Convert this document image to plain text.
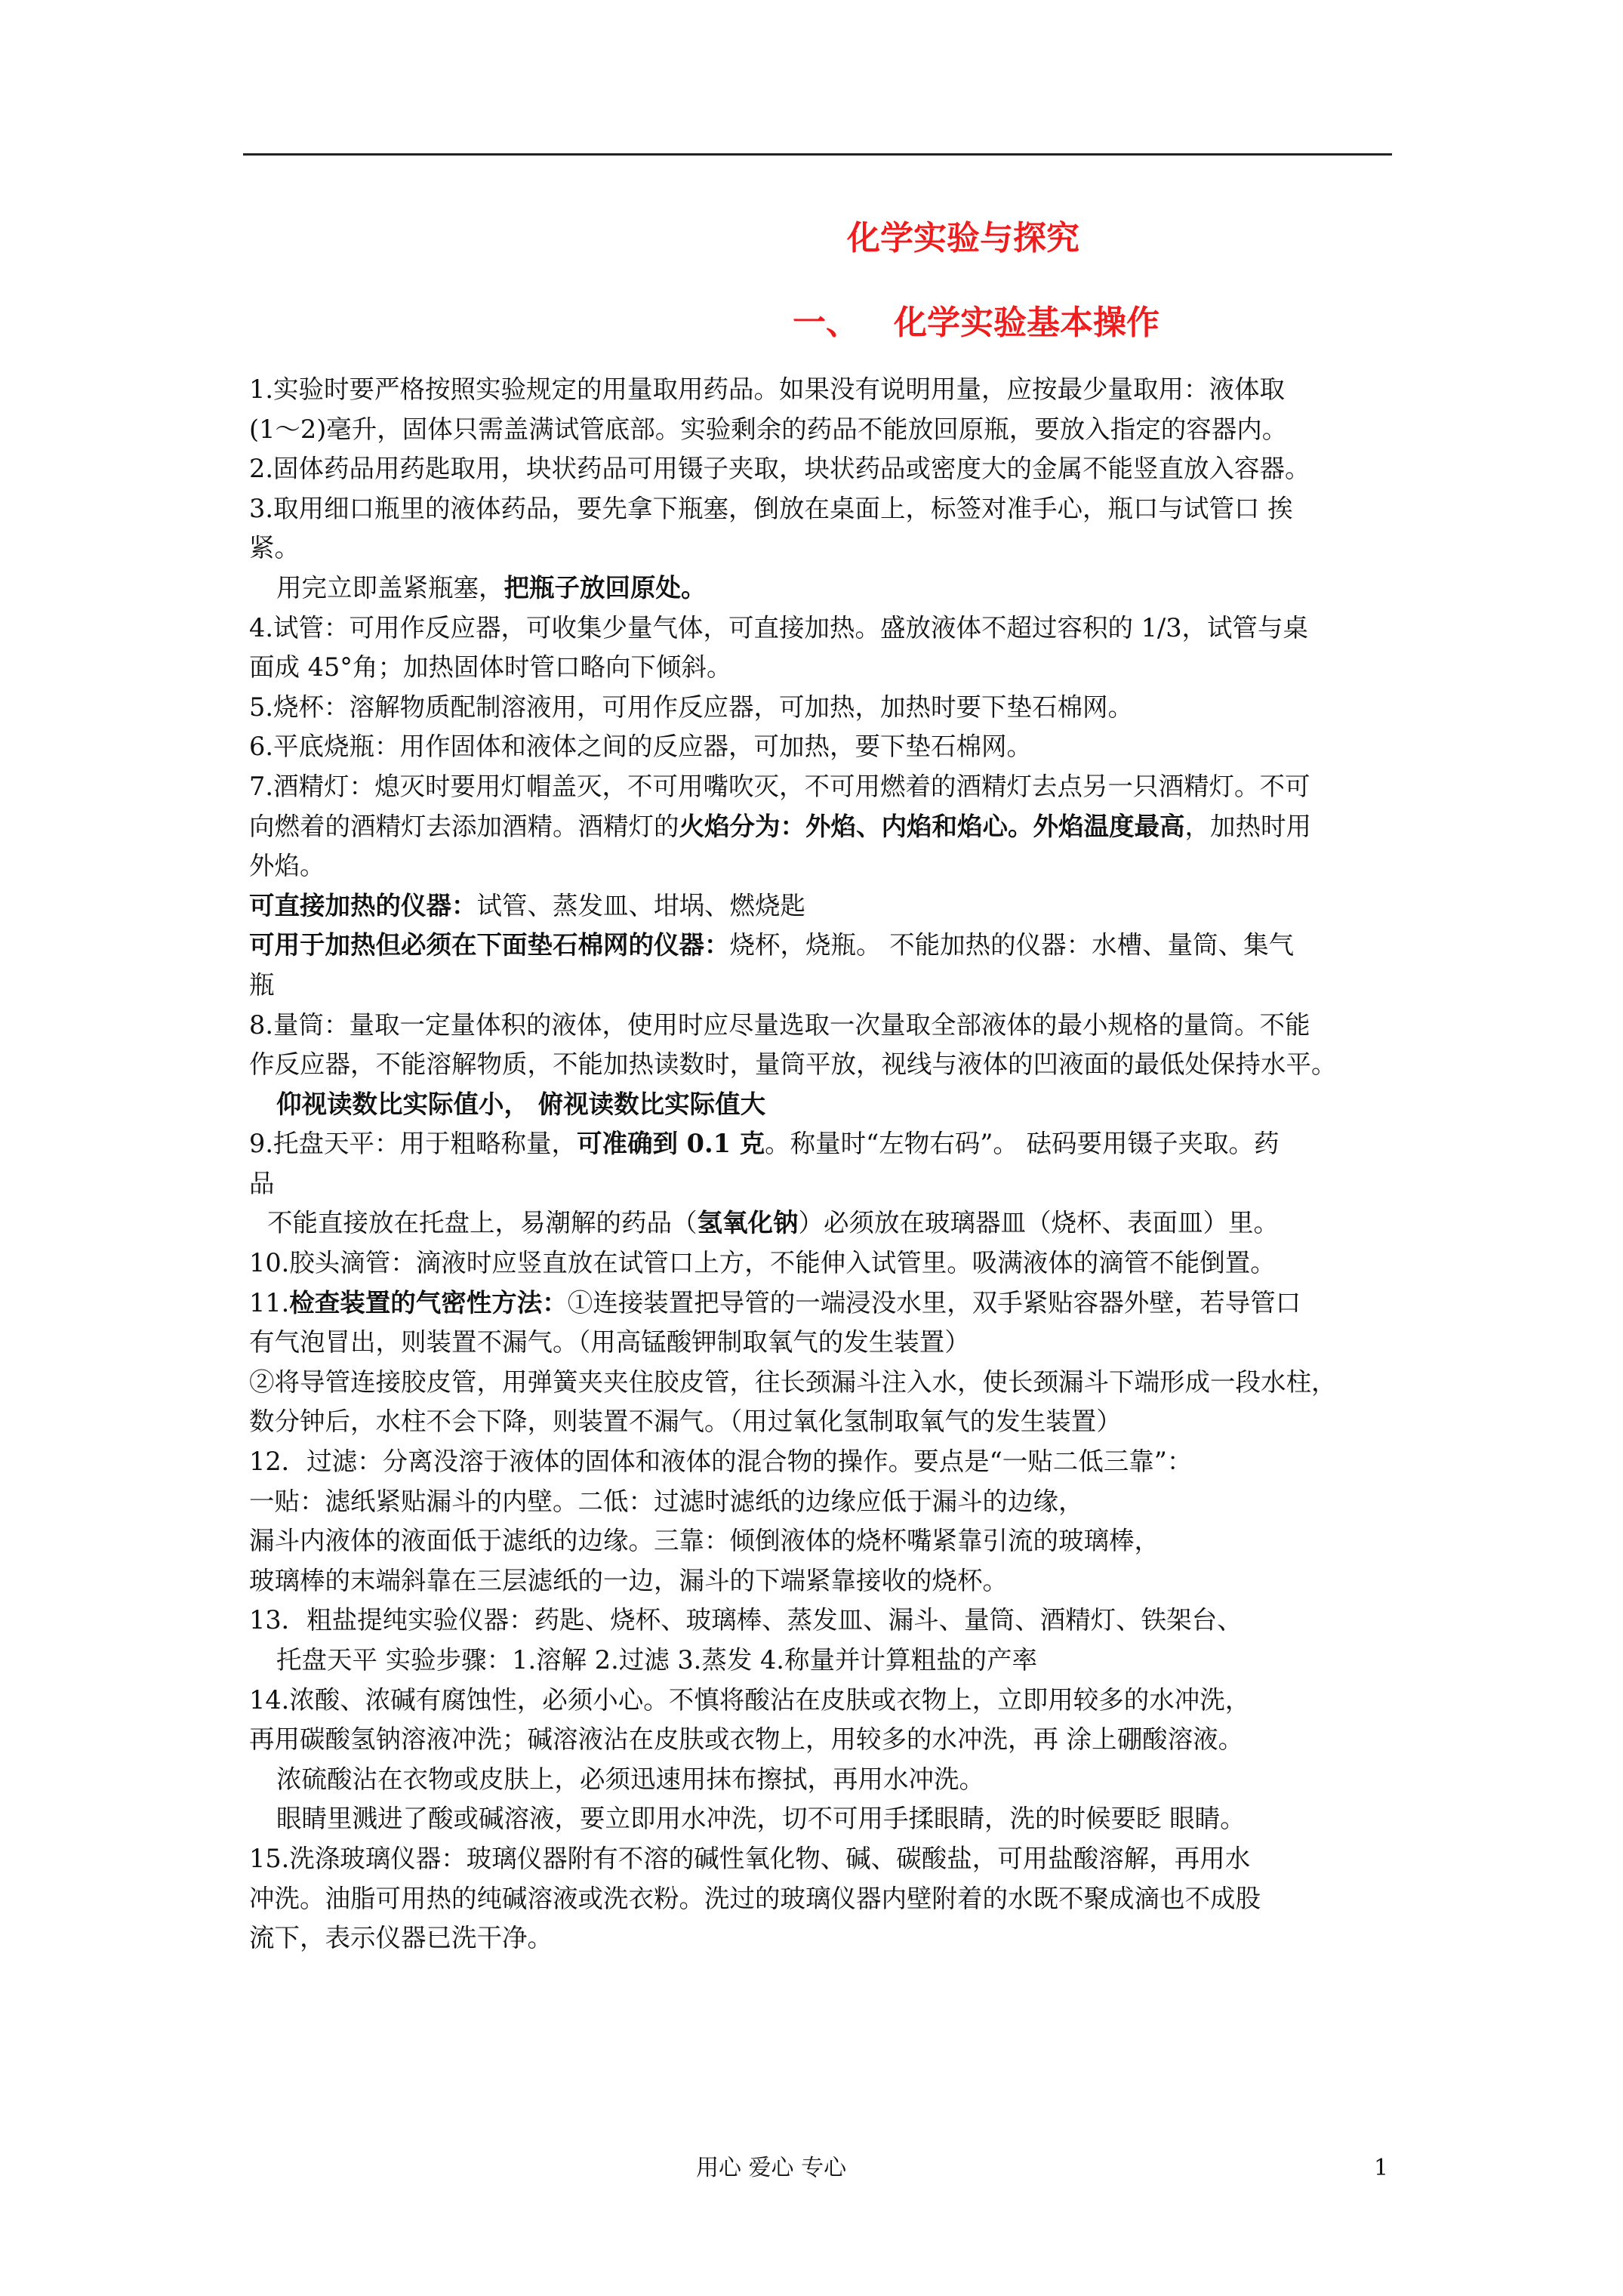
化学实验与探究
一、 化学实验基本操作
1.实验时要严格按照实验规定的用量取用药品。如果没有说明用量，应按最少量取用：液体取
(1～2)毫升，固体只需盖满试管底部。实验剩余的药品不能放回原瓶，要放入指定的容器内。
2.固体药品用药匙取用，块状药品可用镊子夹取，块状药品或密度大的金属不能竖直放入容器。
3.取用细口瓶里的液体药品，要先拿下瓶塞，倒放在桌面上，标签对准手心，瓶口与试管口 挨
紧。
用完立即盖紧瓶塞，把瓶子放回原处。
4.试管：可用作反应器，可收集少量气体，可直接加热。盛放液体不超过容积的 1/3，试管与桌
面成 45°角；加热固体时管口略向下倾斜。
5.烧杯：溶解物质配制溶液用，可用作反应器，可加热，加热时要下垫石棉网。
6.平底烧瓶：用作固体和液体之间的反应器，可加热，要下垫石棉网。
7.酒精灯：熄灭时要用灯帽盖灭，不可用嘴吹灭，不可用燃着的酒精灯去点另一只酒精灯。不可
向燃着的酒精灯去添加酒精。酒精灯的火焰分为：外焰、内焰和焰心。外焰温度最高，加热时用
外焰。
可直接加热的仪器：试管、蒸发皿、坩埚、燃烧匙
可用于加热但必须在下面垫石棉网的仪器：烧杯，烧瓶。 不能加热的仪器：水槽、量筒、集气
瓶
8.量筒：量取一定量体积的液体，使用时应尽量选取一次量取全部液体的最小规格的量筒。不能
作反应器，不能溶解物质，不能加热读数时，量筒平放，视线与液体的凹液面的最低处保持水平。
仰视读数比实际值小， 俯视读数比实际值大
9.托盘天平：用于粗略称量，可准确到 0.1 克。称量时“左物右码”。 砝码要用镊子夹取。药
品
不能直接放在托盘上，易潮解的药品（氢氧化钠）必须放在玻璃器皿（烧杯、表面皿）里。
10.胶头滴管：滴液时应竖直放在试管口上方，不能伸入试管里。吸满液体的滴管不能倒置。
11.检查装置的气密性方法：①连接装置把导管的一端浸没水里，双手紧贴容器外壁，若导管口
有气泡冒出，则装置不漏气。（用高锰酸钾制取氧气的发生装置）
②将导管连接胶皮管，用弹簧夹夹住胶皮管，往长颈漏斗注入水，使长颈漏斗下端形成一段水柱，
数分钟后，水柱不会下降，则装置不漏气。（用过氧化氢制取氧气的发生装置）
12．过滤：分离没溶于液体的固体和液体的混合物的操作。要点是“一贴二低三靠”：
一贴：滤纸紧贴漏斗的内壁。二低：过滤时滤纸的边缘应低于漏斗的边缘，
漏斗内液体的液面低于滤纸的边缘。三靠：倾倒液体的烧杯嘴紧靠引流的玻璃棒，
玻璃棒的末端斜靠在三层滤纸的一边，漏斗的下端紧靠接收的烧杯。
13．粗盐提纯实验仪器：药匙、烧杯、玻璃棒、蒸发皿、漏斗、量筒、酒精灯、铁架台、
托盘天平 实验步骤：1.溶解 2.过滤 3.蒸发 4.称量并计算粗盐的产率
14.浓酸、浓碱有腐蚀性，必须小心。不慎将酸沾在皮肤或衣物上，立即用较多的水冲洗，
再用碳酸氢钠溶液冲洗；碱溶液沾在皮肤或衣物上，用较多的水冲洗，再 涂上硼酸溶液。
浓硫酸沾在衣物或皮肤上，必须迅速用抹布擦拭，再用水冲洗。
眼睛里溅进了酸或碱溶液，要立即用水冲洗，切不可用手揉眼睛，洗的时候要眨 眼睛。
15.洗涤玻璃仪器：玻璃仪器附有不溶的碱性氧化物、碱、碳酸盐，可用盐酸溶解，再用水
冲洗。油脂可用热的纯碱溶液或洗衣粉。洗过的玻璃仪器内壁附着的水既不聚成滴也不成股
流下，表示仪器已洗干净。
用心 爱心 专心	1
